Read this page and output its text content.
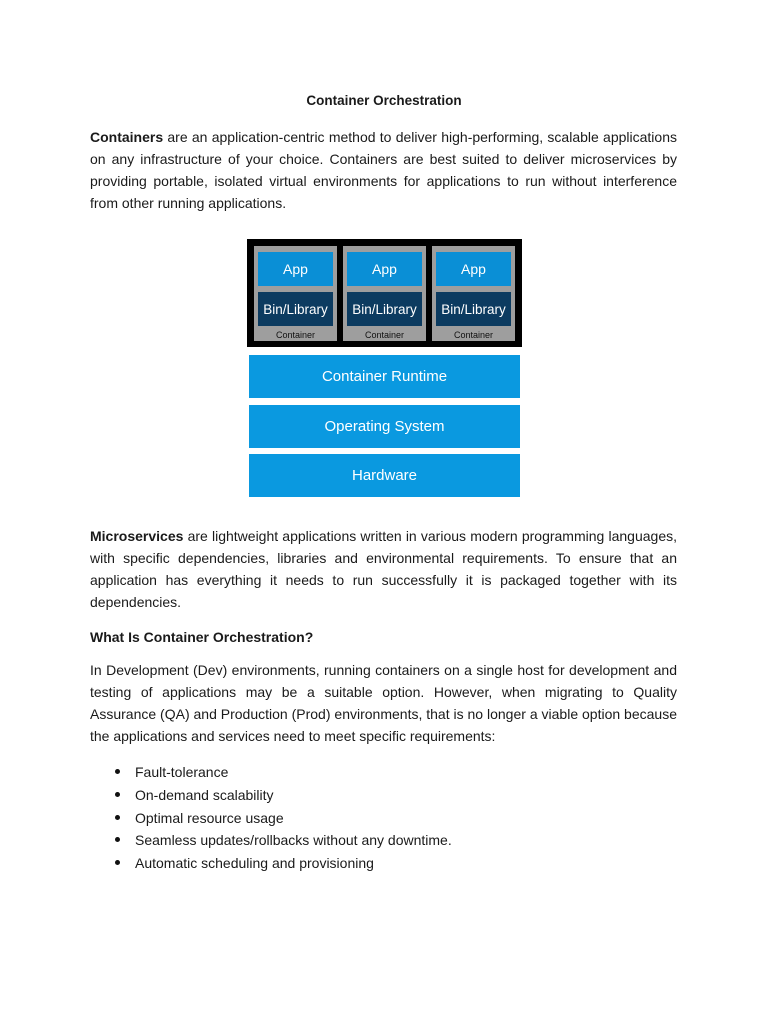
Container Orchestration

Containers are an application-centric method to deliver high-performing, scalable applications on any infrastructure of your choice. Containers are best suited to deliver microservices by providing portable, isolated virtual environments for applications to run without interference from other running applications.

App
Bin/Library
Container
App
Bin/Library
Container
App
Bin/Library
Container
Container Runtime
Operating System
Hardware

Microservices are lightweight applications written in various modern programming languages, with specific dependencies, libraries and environmental requirements. To ensure that an application has everything it needs to run successfully it is packaged together with its dependencies.

What Is Container Orchestration?

In Development (Dev) environments, running containers on a single host for development and testing of applications may be a suitable option. However, when migrating to Quality Assurance (QA) and Production (Prod) environments, that is no longer a viable option because the applications and services need to meet specific requirements:

Fault-tolerance
On-demand scalability
Optimal resource usage
Seamless updates/rollbacks without any downtime.
Automatic scheduling and provisioning
